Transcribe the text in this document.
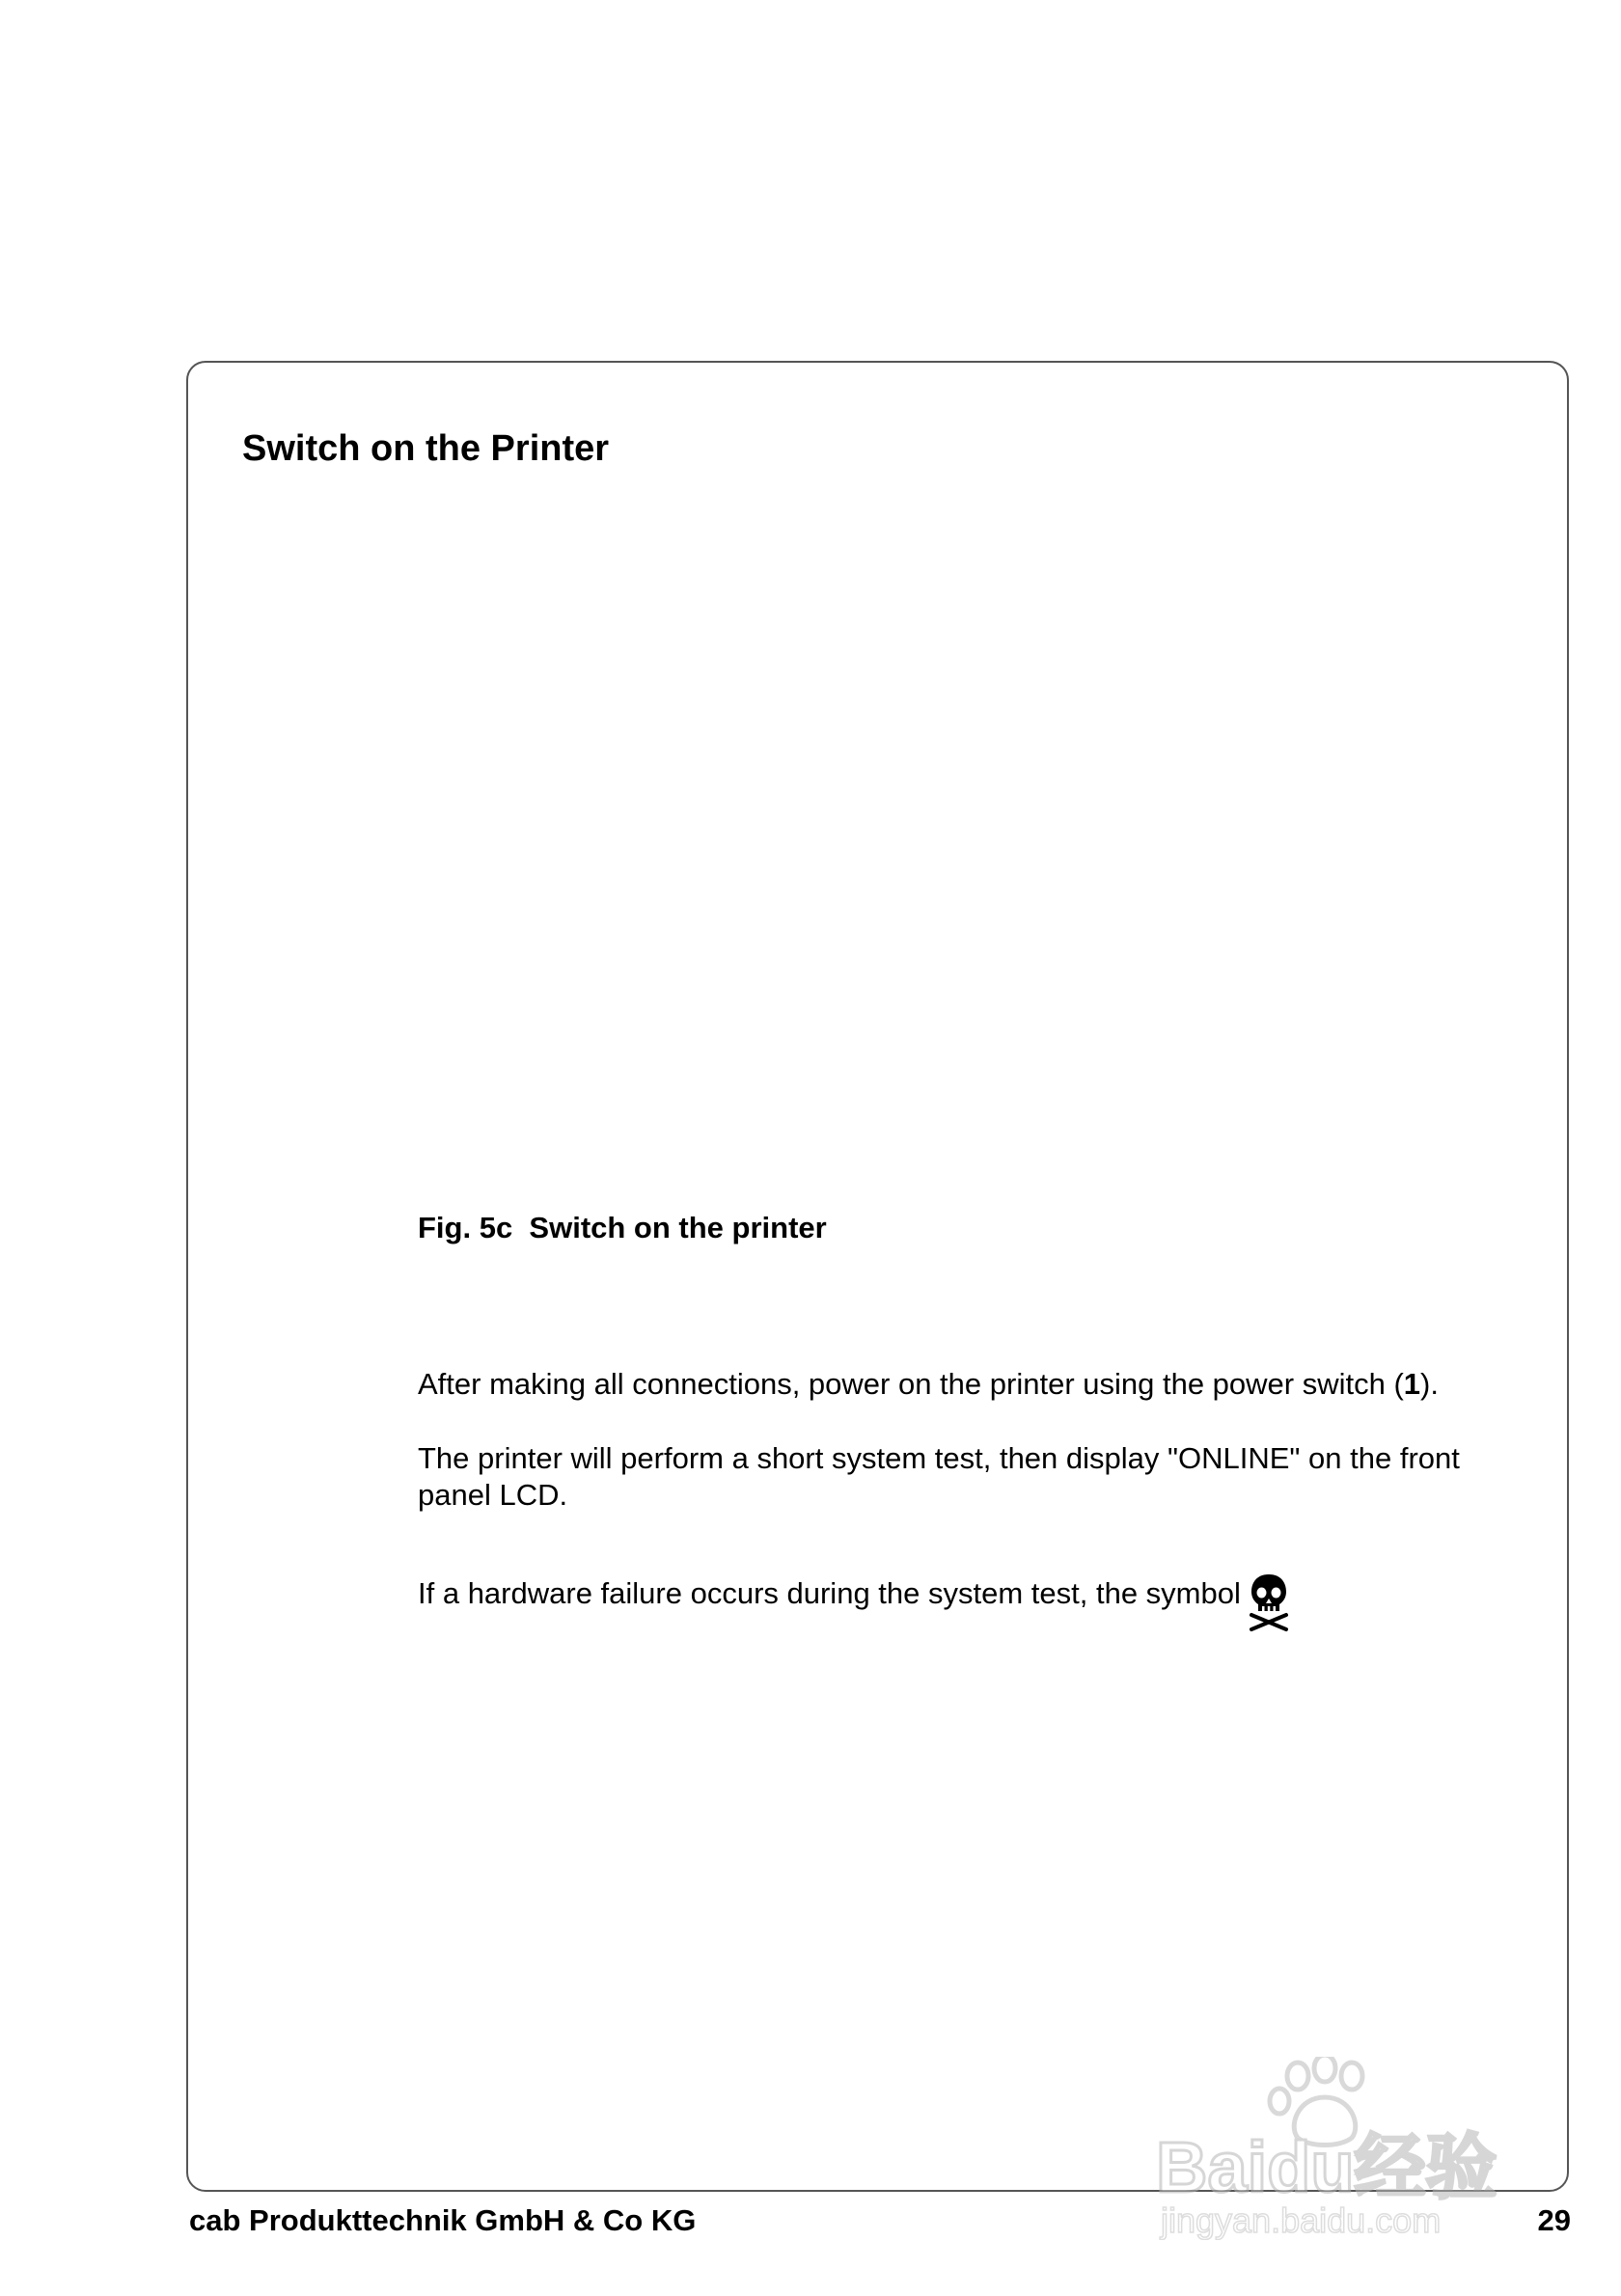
Switch on the Printer
Fig. 5c  Switch on the printer
After making all connections, power on the printer using the power switch (1).
The printer will perform a short system test, then display "ONLINE" on the front panel LCD.
If a hardware failure occurs during the system test, the symbol
cab Produkttechnik GmbH & Co KG	29
Baidu经验
jingyan.baidu.com
